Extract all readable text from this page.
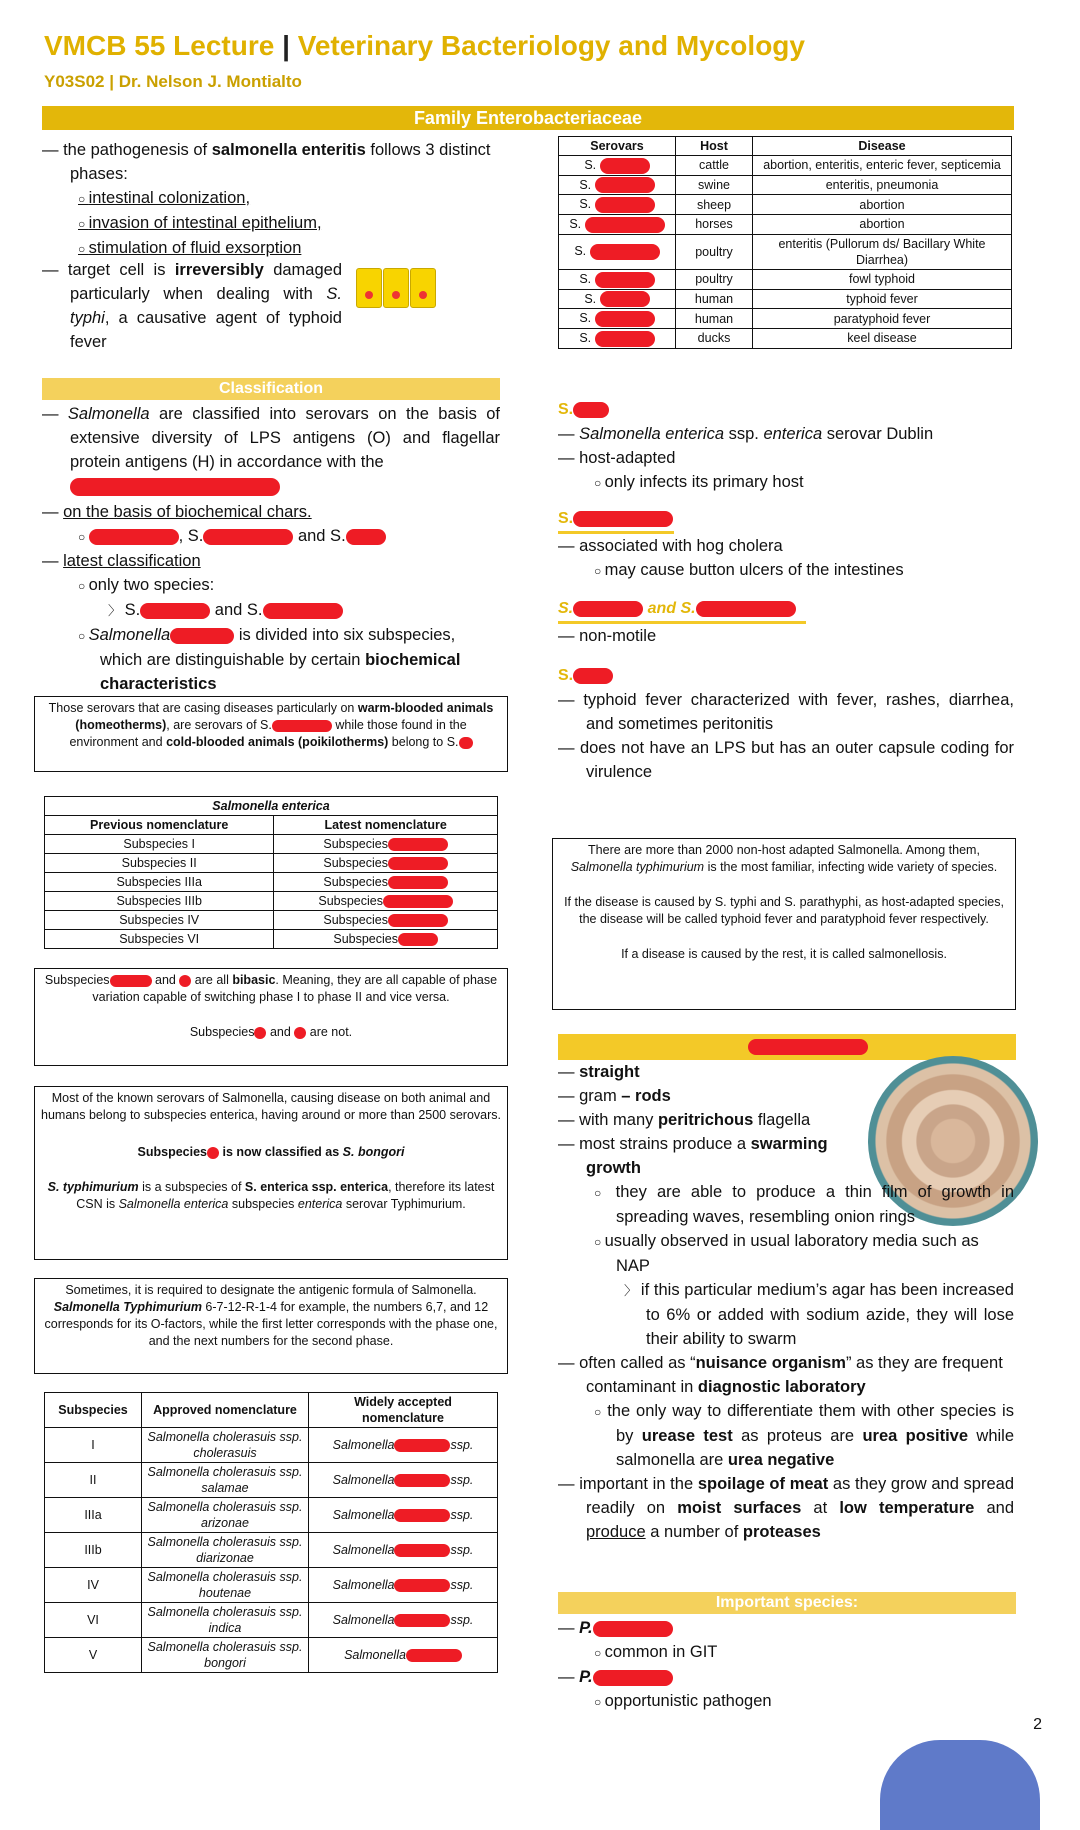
VMCB 55 Lecture | Veterinary Bacteriology and Mycology
Y03S02 | Dr. Nelson J. Montialto
Family Enterobacteriaceae

— the pathogenesis of salmonella enteritis follows 3 distinct phases:

○ intestinal colonization,

○ invasion of intestinal epithelium,

○ stimulation of fluid exsorption

— target cell is irreversibly damaged particularly when dealing with S. typhi, a causative agent of typhoid fever

Serovars	Host	Disease
S.	cattle	abortion, enteritis, enteric fever, septicemia
S.	swine	enteritis, pneumonia
S.	sheep	abortion
S.	horses	abortion
S.	poultry	enteritis (Pullorum ds/ Bacillary White Diarrhea)
S.	poultry	fowl typhoid
S.	human	typhoid fever
S.	human	paratyphoid fever
S.	ducks	keel disease
Classification

— Salmonella are classified into serovars on the basis of extensive diversity of LPS antigens (O) and flagellar protein antigens (H) in accordance with the

— on the basis of biochemical chars.

○ , S.	and S.

— latest classification

○ only two species:

〉 S.	and S.

○ Salmonella	is divided into six subspecies, which are distinguishable by certain biochemical characteristics

Those serovars that are casing diseases particularly on warm-blooded animals (homeotherms), are serovars of S.	while those found in the environment and cold-blooded animals (poikilotherms) belong to S.
Salmonella enterica	
Previous nomenclature	Latest nomenclature
Subspecies I	Subspecies
Subspecies II	Subspecies
Subspecies IIIa	Subspecies
Subspecies IIIb	Subspecies
Subspecies IV	Subspecies
Subspecies VI	Subspecies
Subspecies	and  are all bibasic. Meaning, they are all capable of phase variation capable of switching phase I to phase II and vice versa.
Subspecies and  are not.
Most of the known serovars of Salmonella, causing disease on both animal and humans belong to subspecies enterica, having around or more than 2500 serovars.
Subspecies is now classified as S. bongori
S. typhimurium is a subspecies of S. enterica ssp. enterica, therefore its latest CSN is Salmonella enterica subspecies enterica serovar Typhimurium.
Sometimes, it is required to designate the antigenic formula of Salmonella. Salmonella Typhimurium 6-7-12-R-1-4 for example, the numbers 6,7, and 12 corresponds for its O-factors, while the first letter corresponds with the phase one, and the next numbers for the second phase.
Subspecies	Approved nomenclature	Widely accepted nomenclature
I	Salmonella cholerasuis ssp. cholerasuis	Salmonella ssp.
II	Salmonella cholerasuis ssp. salamae	Salmonella ssp.
IIIa	Salmonella cholerasuis ssp. arizonae	Salmonella ssp.
IIIb	Salmonella cholerasuis ssp. diarizonae	Salmonella ssp.
IV	Salmonella cholerasuis ssp. houtenae	Salmonella ssp.
VI	Salmonella cholerasuis ssp. indica	Salmonella ssp.
V	Salmonella cholerasuis ssp. bongori	Salmonella

S.

— Salmonella enterica ssp. enterica serovar Dublin

— host-adapted

○ only infects its primary host

S.

— associated with hog cholera

○ may cause button ulcers of the intestines

S.	and S.

— non-motile

S.

— typhoid fever characterized with fever, rashes, diarrhea, and sometimes peritonitis

— does not have an LPS but has an outer capsule coding for virulence

There are more than 2000 non-host adapted Salmonella. Among them, Salmonella typhimurium is the most familiar, infecting wide variety of species.
If the disease is caused by S. typhi and S. parathyphi, as host-adapted species, the disease will be called typhoid fever and paratyphoid fever respectively.
If a disease is caused by the rest, it is called salmonellosis.

— straight

— gram – rods

— with many peritrichous flagella

— most strains produce a swarming growth

○ they are able to produce a thin film of growth in spreading waves, resembling onion rings

○ usually observed in usual laboratory media such as NAP

〉 if this particular medium’s agar has been increased to 6% or added with sodium azide, they will lose their ability to swarm

— often called as “nuisance organism” as they are frequent contaminant in diagnostic laboratory

○ the only way to differentiate them with other species is by urease test as proteus are urea positive while salmonella are urea negative

— important in the spoilage of meat as they grow and spread readily on moist surfaces at low temperature and produce a number of proteases

Important species:

— P.

○ common in GIT

— P.

○ opportunistic pathogen

2
